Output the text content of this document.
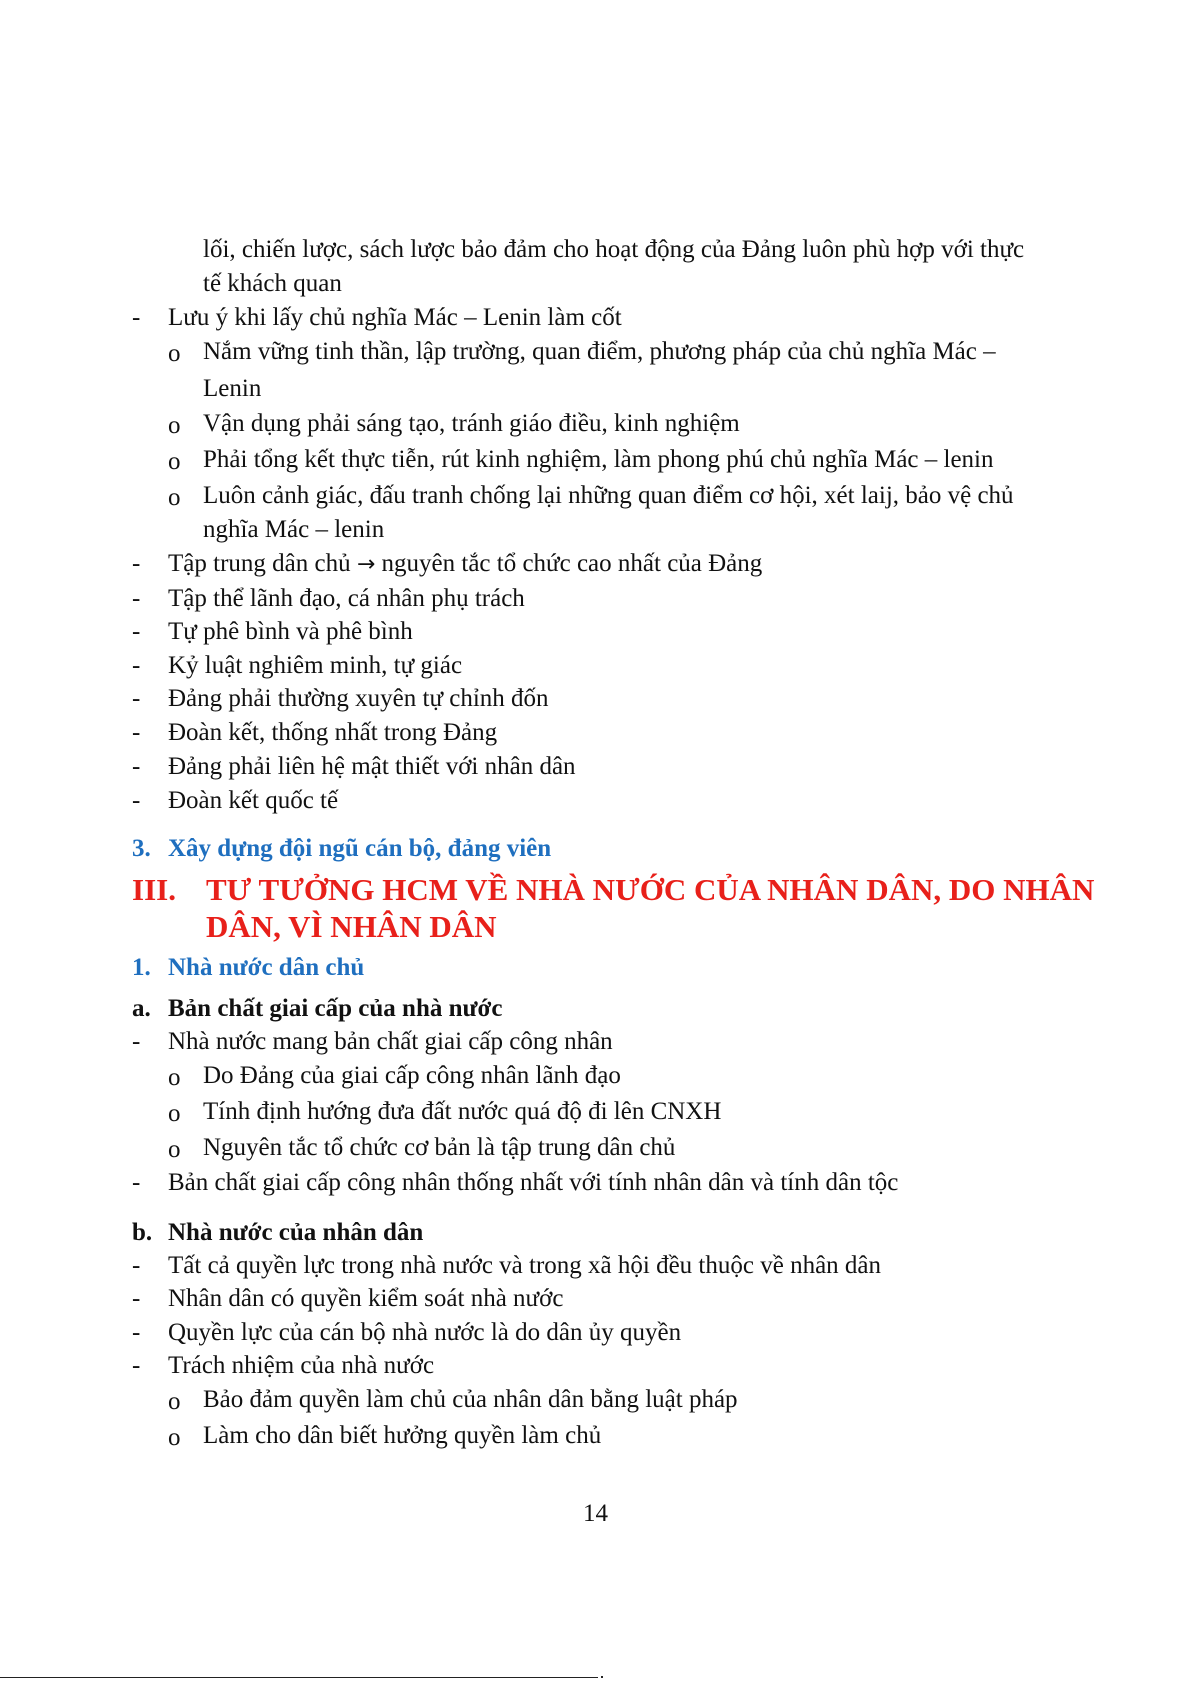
lối, chiến lược, sách lược bảo đảm cho hoạt động của Đảng luôn phù hợp với thực
tế khách quan
- Lưu ý khi lấy chủ nghĩa Mác – Lenin làm cốt
o Nắm vững tinh thần, lập trường, quan điểm, phương pháp của chủ nghĩa Mác –
Lenin
o Vận dụng phải sáng tạo, tránh giáo điều, kinh nghiệm
o Phải tổng kết thực tiễn, rút kinh nghiệm, làm phong phú chủ nghĩa Mác – lenin
o Luôn cảnh giác, đấu tranh chống lại những quan điểm cơ hội, xét laij, bảo vệ chủ
nghĩa Mác – lenin
- Tập trung dân chủ → nguyên tắc tổ chức cao nhất của Đảng
- Tập thể lãnh đạo, cá nhân phụ trách
- Tự phê bình và phê bình
- Kỷ luật nghiêm minh, tự giác
- Đảng phải thường xuyên tự chỉnh đốn
- Đoàn kết, thống nhất trong Đảng
- Đảng phải liên hệ mật thiết với nhân dân
- Đoàn kết quốc tế
3. Xây dựng đội ngũ cán bộ, đảng viên
III. TƯ TƯỞNG HCM VỀ NHÀ NƯỚC CỦA NHÂN DÂN, DO NHÂN
DÂN, VÌ NHÂN DÂN
1. Nhà nước dân chủ
a. Bản chất giai cấp của nhà nước
- Nhà nước mang bản chất giai cấp công nhân
o Do Đảng của giai cấp công nhân lãnh đạo
o Tính định hướng đưa đất nước quá độ đi lên CNXH
o Nguyên tắc tổ chức cơ bản là tập trung dân chủ
- Bản chất giai cấp công nhân thống nhất với tính nhân dân và tính dân tộc
b. Nhà nước của nhân dân
- Tất cả quyền lực trong nhà nước và trong xã hội đều thuộc về nhân dân
- Nhân dân có quyền kiểm soát nhà nước
- Quyền lực của cán bộ nhà nước là do dân ủy quyền
- Trách nhiệm của nhà nước
o Bảo đảm quyền làm chủ của nhân dân bằng luật pháp
o Làm cho dân biết hưởng quyền làm chủ
14
